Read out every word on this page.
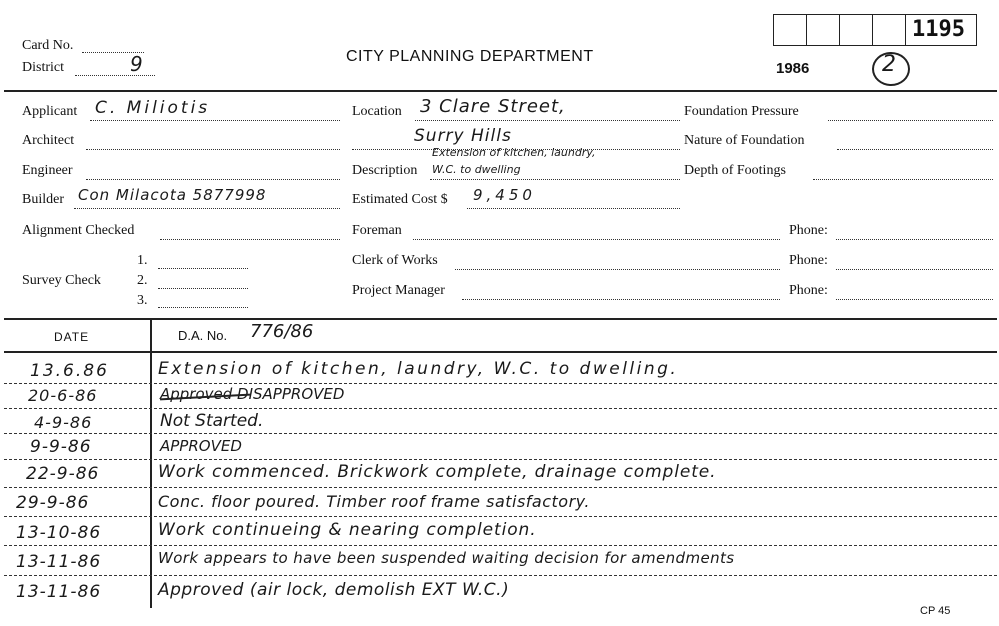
Card No.
District	9	CITY PLANNING DEPARTMENT
1986
1195
2
Applicant C. Miliotis
Architect
Engineer
Builder Con Milacota 5877998
Alignment Checked
Survey Check
1.
2.
3.
Location 3 Clare Street,
Surry Hills
Description
Extension of kitchen, laundry,
W.C. to dwelling
Estimated Cost $ 9,450
Foreman
Clerk of Works
Project Manager
Foundation Pressure
Nature of Foundation
Depth of Footings
Phone:
Phone:
Phone:
DATE	D.A. No. 776/86
13.6.86	Extension of kitchen, laundry, W.C. to dwelling.
20-6-86	Approved DISAPPROVED
4-9-86	Not Started.
9-9-86	APPROVED
22-9-86	Work commenced. Brickwork complete, drainage complete.
29-9-86	Conc. floor poured. Timber roof frame satisfactory.
13-10-86	Work continueing & nearing completion.
13-11-86	Work appears to have been suspended waiting decision for amendments
13-11-86	Approved (air lock, demolish EXT W.C.)
CP 45
